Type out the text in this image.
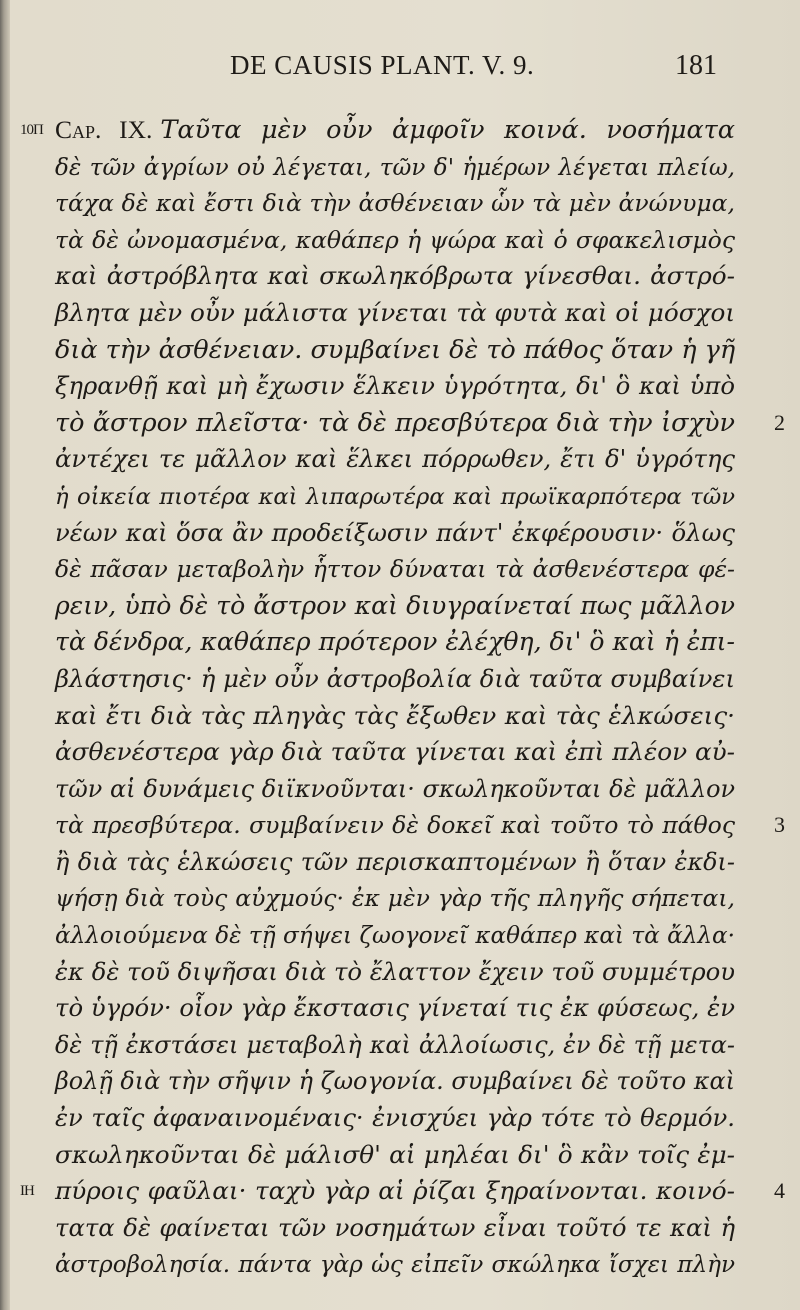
DE CAUSIS PLANT. V. 9.	181
10Π Cap. IX. Ταῦτα μὲν οὖν ἀμφοῖν κοινά. νοσήματα
δὲ τῶν ἀγρίων οὐ λέγεται, τῶν δ' ἡμέρων λέγεται πλείω,
τάχα δὲ καὶ ἔστι διὰ τὴν ἀσθένειαν ὧν τὰ μὲν ἀνώνυμα,
τὰ δὲ ὠνομασμένα, καθάπερ ἡ ψώρα καὶ ὁ σφακελισμὸς
καὶ ἀστρόβλητα καὶ σκωληκόβρωτα γίνεσθαι. ἀστρό-
βλητα μὲν οὖν μάλιστα γίνεται τὰ φυτὰ καὶ οἱ μόσχοι
διὰ τὴν ἀσθένειαν. συμβαίνει δὲ τὸ πάθος ὅταν ἡ γῆ
ξηρανθῇ καὶ μὴ ἔχωσιν ἕλκειν ὑγρότητα, δι' ὃ καὶ ὑπὸ
τὸ ἄστρον πλεῖστα· τὰ δὲ πρεσβύτερα διὰ τὴν ἰσχὺν 2
ἀντέχει τε μᾶλλον καὶ ἕλκει πόρρωθεν, ἔτι δ' ὑγρότης
ἡ οἰκεία πιοτέρα καὶ λιπαρωτέρα καὶ πρωϊκαρπότερα τῶν
νέων καὶ ὅσα ἂν προδείξωσιν πάντ' ἐκφέρουσιν· ὅλως
δὲ πᾶσαν μεταβολὴν ἧττον δύναται τὰ ἀσθενέστερα φέ-
ρειν, ὑπὸ δὲ τὸ ἄστρον καὶ διυγραίνεταί πως μᾶλλον
τὰ δένδρα, καθάπερ πρότερον ἐλέχθη, δι' ὃ καὶ ἡ ἐπι-
βλάστησις· ἡ μὲν οὖν ἀστροβολία διὰ ταῦτα συμβαίνει
καὶ ἔτι διὰ τὰς πληγὰς τὰς ἔξωθεν καὶ τὰς ἑλκώσεις·
ἀσθενέστερα γὰρ διὰ ταῦτα γίνεται καὶ ἐπὶ πλέον αὐ-
τῶν αἱ δυνάμεις διϊκνοῦνται· σκωληκοῦνται δὲ μᾶλλον
τὰ πρεσβύτερα. συμβαίνειν δὲ δοκεῖ καὶ τοῦτο τὸ πάθος 3
ἢ διὰ τὰς ἑλκώσεις τῶν περισκαπτομένων ἢ ὅταν ἐκδι-
ψήσῃ διὰ τοὺς αὐχμούς· ἐκ μὲν γὰρ τῆς πληγῆς σήπεται,
ἀλλοιούμενα δὲ τῇ σήψει ζωογονεῖ καθάπερ καὶ τὰ ἄλλα·
ἐκ δὲ τοῦ διψῆσαι διὰ τὸ ἔλαττον ἔχειν τοῦ συμμέτρου
τὸ ὑγρόν· οἷον γὰρ ἔκστασις γίνεταί τις ἐκ φύσεως, ἐν
δὲ τῇ ἐκστάσει μεταβολὴ καὶ ἀλλοίωσις, ἐν δὲ τῇ μετα-
βολῇ διὰ τὴν σῆψιν ἡ ζωογονία. συμβαίνει δὲ τοῦτο καὶ
ἐν ταῖς ἀφαναινομέναις· ἐνισχύει γὰρ τότε τὸ θερμόν.
σκωληκοῦνται δὲ μάλισθ' αἱ μηλέαι δι' ὃ κἂν τοῖς ἐμ-
ΙΗ πύροις φαῦλαι· ταχὺ γὰρ αἱ ῥίζαι ξηραίνονται. κοινό- 4
τατα δὲ φαίνεται τῶν νοσημάτων εἶναι τοῦτό τε καὶ ἡ
ἀστροβολησία. πάντα γὰρ ὡς εἰπεῖν σκώληκα ἴσχει πλὴν
